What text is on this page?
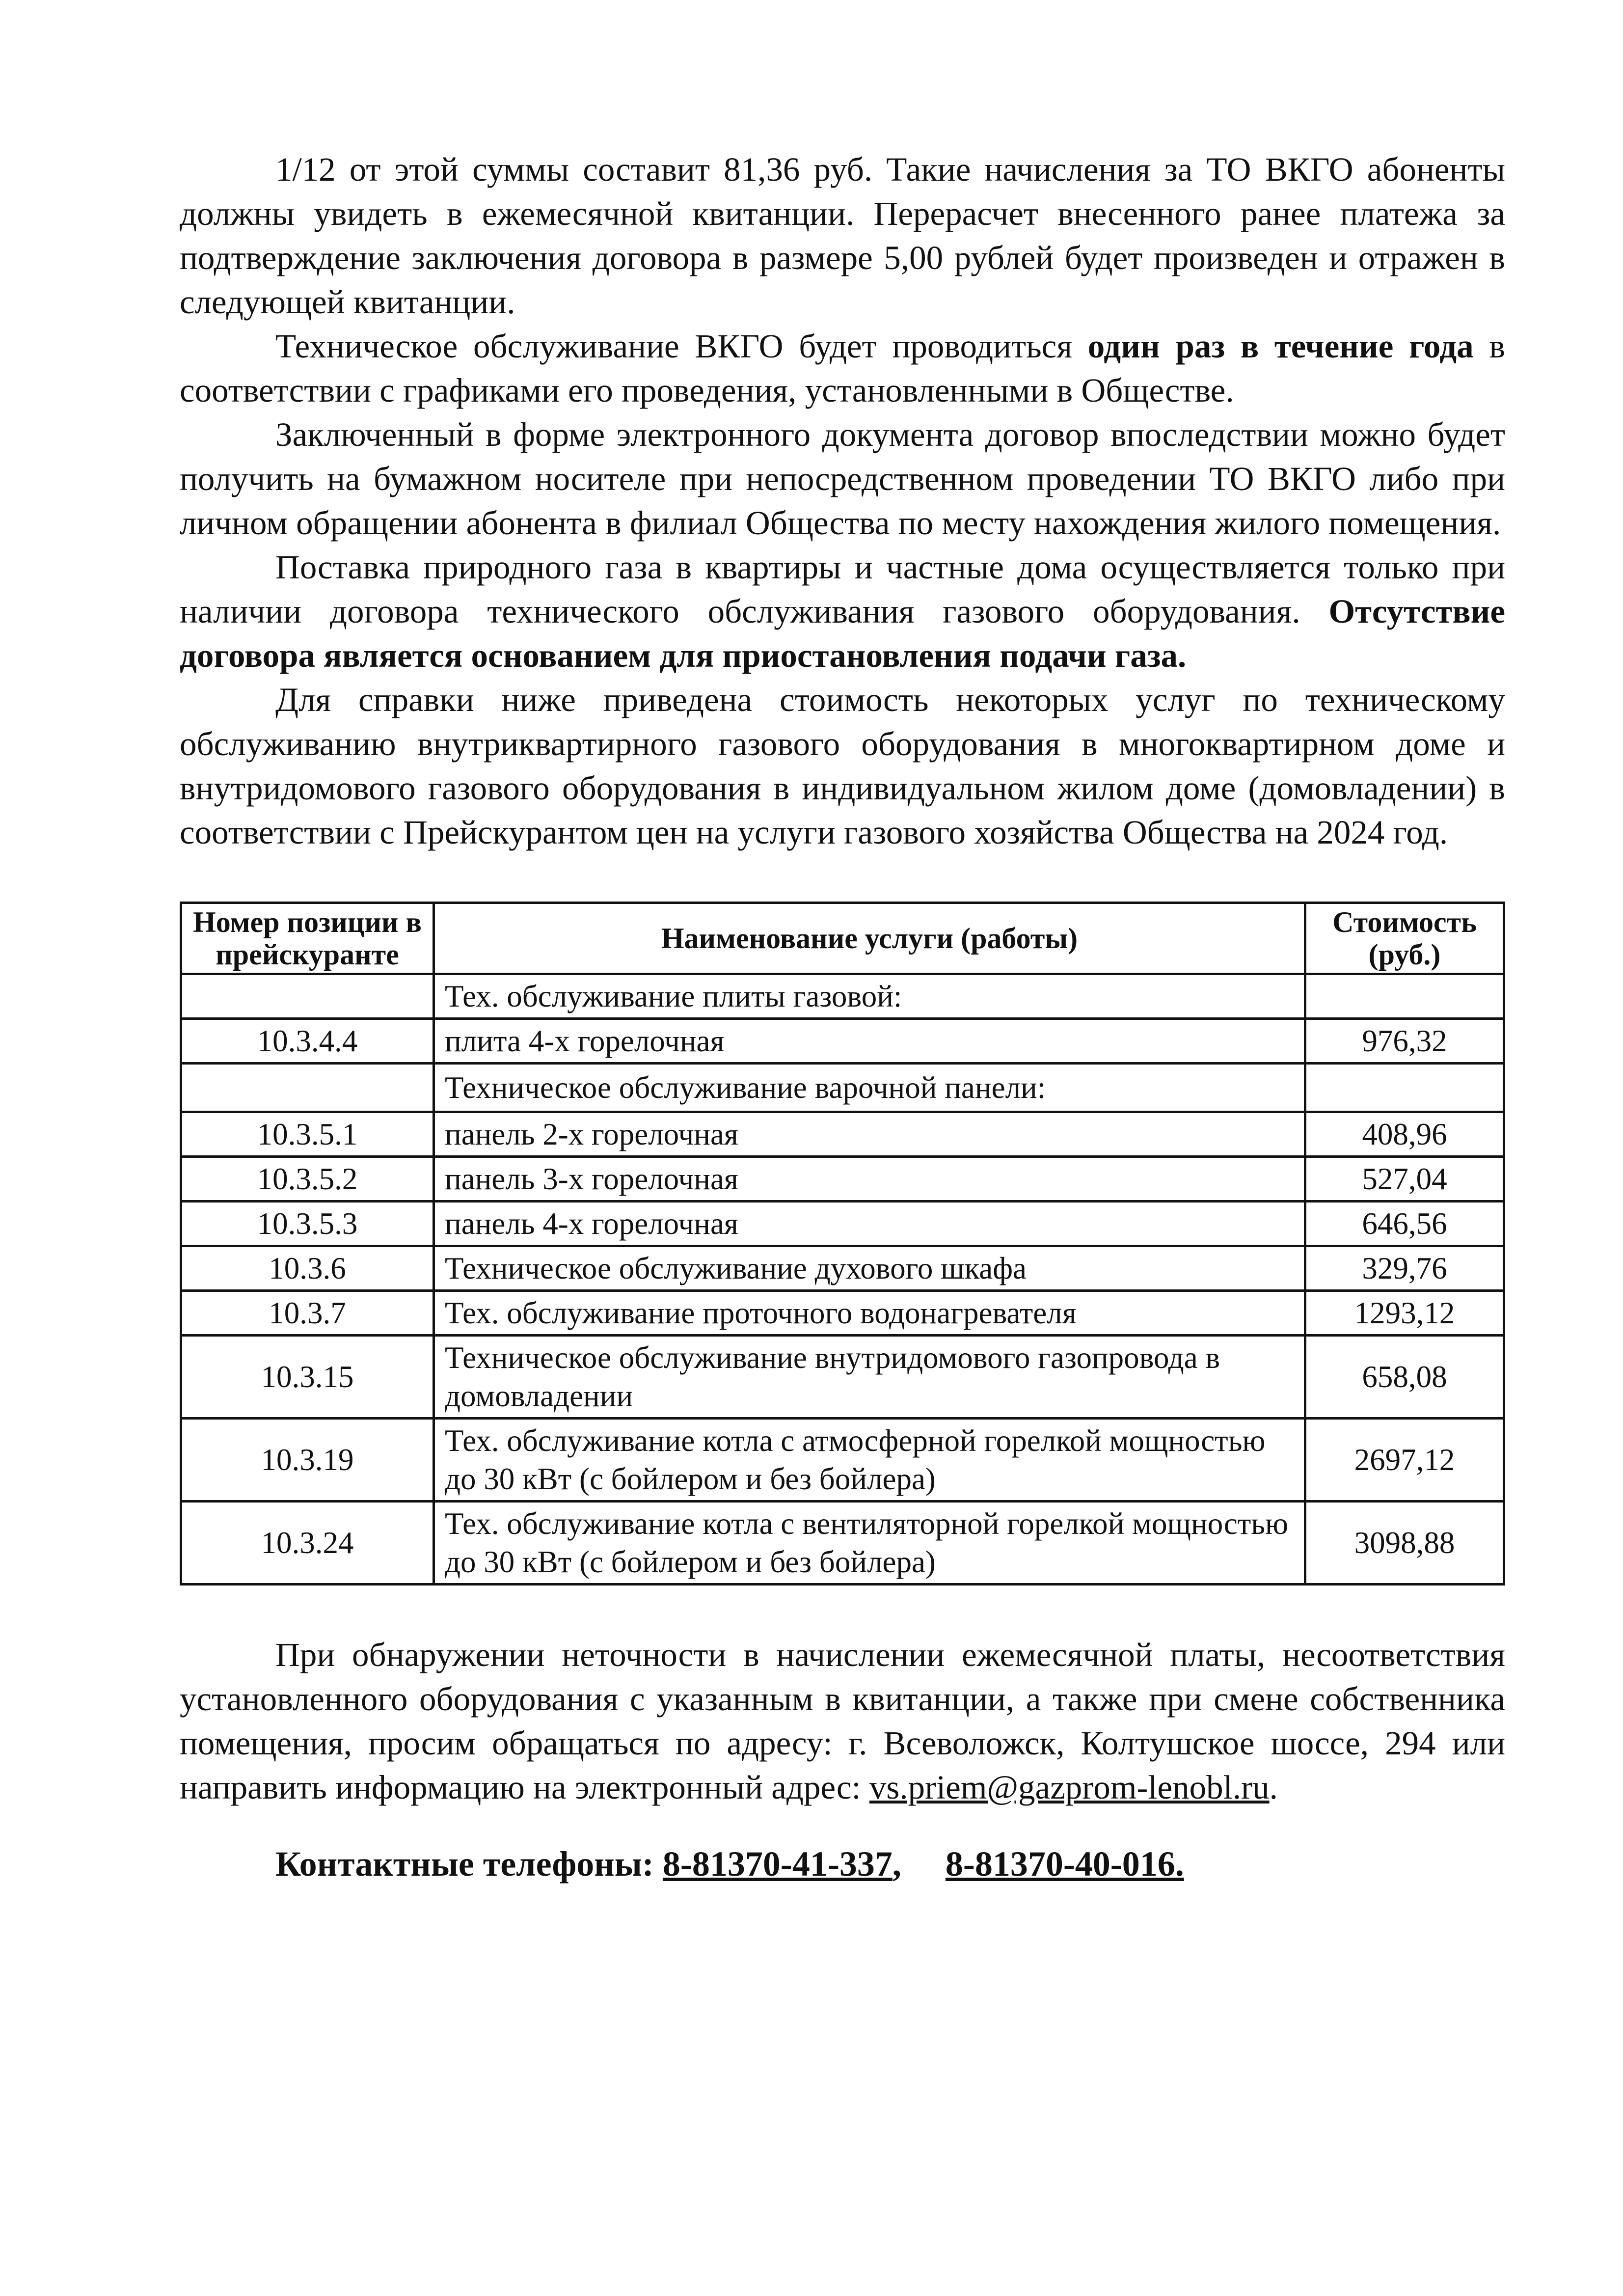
1/12 от этой суммы составит 81,36 руб. Такие начисления за ТО ВКГО абоненты должны увидеть в ежемесячной квитанции. Перерасчет внесенного ранее платежа за подтверждение заключения договора в размере 5,00 рублей будет произведен и отражен в следующей квитанции.

Техническое обслуживание ВКГО будет проводиться один раз в течение года в соответствии с графиками его проведения, установленными в Обществе.

Заключенный в форме электронного документа договор впоследствии можно будет получить на бумажном носителе при непосредственном проведении ТО ВКГО либо при личном обращении абонента в филиал Общества по месту нахождения жилого помещения.

Поставка природного газа в квартиры и частные дома осуществляется только при наличии договора технического обслуживания газового оборудования. Отсутствие договора является основанием для приостановления подачи газа.

Для справки ниже приведена стоимость некоторых услуг по техническому обслуживанию внутриквартирного газового оборудования в многоквартирном доме и внутридомового газового оборудования в индивидуальном жилом доме (домовладении) в соответствии с Прейскурантом цен на услуги газового хозяйства Общества на 2024 год.

Номер позиции в прейскуранте	Наименование услуги (работы)	Стоимость (руб.)
	Тех. обслуживание плиты газовой:	
10.3.4.4	плита 4-х горелочная	976,32
	Техническое обслуживание варочной панели:	
10.3.5.1	панель 2-х горелочная	408,96
10.3.5.2	панель 3-х горелочная	527,04
10.3.5.3	панель 4-х горелочная	646,56
10.3.6	Техническое обслуживание духового шкафа	329,76
10.3.7	Тех. обслуживание проточного водонагревателя	1293,12
10.3.15	Техническое обслуживание внутридомового газопровода в домовладении	658,08
10.3.19	Тех. обслуживание котла с атмосферной горелкой мощностью до 30 кВт (с бойлером и без бойлера)	2697,12
10.3.24	Тех. обслуживание котла с вентиляторной горелкой мощностью до 30 кВт (с бойлером и без бойлера)	3098,88

При обнаружении неточности в начислении ежемесячной платы, несоответствия установленного оборудования с указанным в квитанции, а также при смене собственника помещения, просим обращаться по адресу: г. Всеволожск, Колтушское шоссе, 294 или направить информацию на электронный адрес: vs.priem@gazprom-lenobl.ru.

Контактные телефоны: 8-81370-41-337, 8-81370-40-016.
